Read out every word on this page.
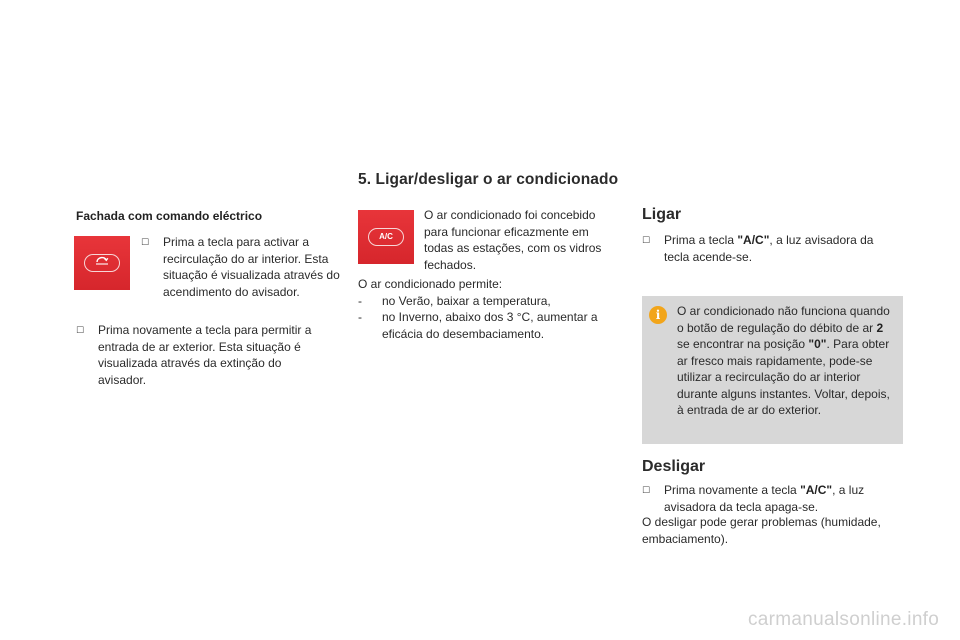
5. Ligar/desligar o ar condicionado
Fachada com comando eléctrico
☐	Prima a tecla para activar a recirculação do ar interior. Esta situação é visualizada através do acendimento do avisador.
☐	Prima novamente a tecla para permitir a entrada de ar exterior. Esta situação é visualizada através da extinção do avisador.
A/C
O ar condicionado foi concebido para funcionar eficazmente em todas as estações, com os vidros fechados.
O ar condicionado permite:
-	no Verão, baixar a temperatura,
-	no Inverno, abaixo dos 3 °C, aumentar a eficácia do desembaciamento.
Ligar
☐	Prima a tecla "A/C", a luz avisadora da tecla acende-se.
i	O ar condicionado não funciona quando o botão de regulação do débito de ar 2 se encontrar na posição "0". Para obter ar fresco mais rapidamente, pode-se utilizar a recirculação do ar interior durante alguns instantes. Voltar, depois, à entrada de ar do exterior.
Desligar
☐	Prima novamente a tecla "A/C", a luz avisadora da tecla apaga-se.
O desligar pode gerar problemas (humidade, embaciamento).
carmanualsonline.info
